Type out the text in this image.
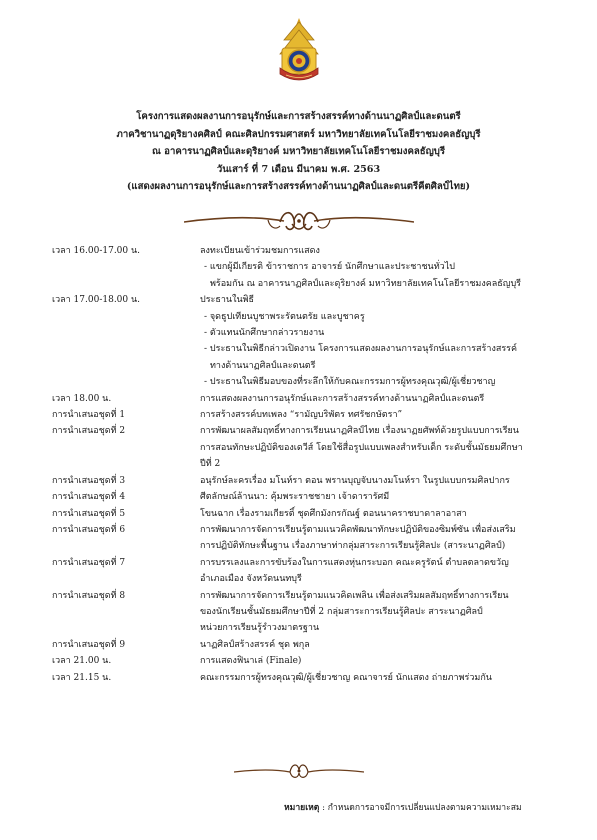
โครงการแสดงผลงานการอนุรักษ์และการสร้างสรรค์ทางด้านนาฏศิลป์และดนตรี
ภาควิชานาฏดุริยางคศิลป์ คณะศิลปกรรมศาสตร์ มหาวิทยาลัยเทคโนโลยีราชมงคลธัญบุรี
ณ อาคารนาฏศิลป์และดุริยางค์ มหาวิทยาลัยเทคโนโลยีราชมงคลธัญบุรี
วันเสาร์ ที่ 7 เดือน มีนาคม พ.ศ. 2563
(แสดงผลงานการอนุรักษ์และการสร้างสรรค์ทางด้านนาฏศิลป์และดนตรีคีตศิลป์ไทย)
เวลา 16.00-17.00 น.	ลงทะเบียนเข้าร่วมชมการแสดง
- แขกผู้มีเกียรติ ข้าราชการ อาจารย์ นักศึกษาและประชาชนทั่วไป
พร้อมกัน ณ อาคารนาฏศิลป์และดุริยางค์ มหาวิทยาลัยเทคโนโลยีราชมงคลธัญบุรี
เวลา 17.00-18.00 น.	ประธานในพิธี
- จุดธูปเทียนบูชาพระรัตนตรัย และบูชาครู
- ตัวแทนนักศึกษากล่าวรายงาน
- ประธานในพิธีกล่าวเปิดงาน โครงการแสดงผลงานการอนุรักษ์และการสร้างสรรค์
ทางด้านนาฏศิลป์และดนตรี
- ประธานในพิธีมอบของที่ระลึกให้กับคณะกรรมการผู้ทรงคุณวุฒิ/ผู้เชี่ยวชาญ
เวลา 18.00 น.	การแสดงผลงานการอนุรักษ์และการสร้างสรรค์ทางด้านนาฏศิลป์และดนตรี
การนำเสนอชุดที่ 1	การสร้างสรรค์บทเพลง “รามัญบริพัตร ทศรัชกษัตรา”
การนำเสนอชุดที่ 2	การพัฒนาผลสัมฤทธิ์ทางการเรียนนาฏศิลป์ไทย เรื่องนาฏยศัพท์ด้วยรูปแบบการเรียน
การสอนทักษะปฏิบัติของเดวีส์ โดยใช้สื่อรูปแบบเพลงสำหรับเด็ก ระดับชั้นมัธยมศึกษา
ปีที่ 2
การนำเสนอชุดที่ 3	อนุรักษ์ละครเรื่อง มโนห์รา ตอน พรานบุญจับนางมโนห์รา ในรูปแบบกรมศิลปากร
การนำเสนอชุดที่ 4	ศีตลักษณ์ล้านนา: คุ้มพระราชชายา เจ้าดารารัศมี
การนำเสนอชุดที่ 5	โขนฉาก เรื่องรามเกียรติ์ ชุดศึกมังกรกัณฐ์ ตอนนาคราชบาดาลาอาสา
การนำเสนอชุดที่ 6	การพัฒนาการจัดการเรียนรู้ตามแนวคิดพัฒนาทักษะปฏิบัติของซิมพ์ซัน เพื่อส่งเสริม
การปฏิบัติทักษะพื้นฐาน เรื่องภาษาท่ากลุ่มสาระการเรียนรู้ศิลปะ (สาระนาฏศิลป์)
การนำเสนอชุดที่ 7	การบรรเลงและการขับร้องในการแสดงหุ่นกระบอก คณะครูรัตน์ ตำบลตลาดขวัญ
อำเภอเมือง จังหวัดนนทบุรี
การนำเสนอชุดที่ 8	การพัฒนาการจัดการเรียนรู้ตามแนวคิดเพลิน เพื่อส่งเสริมผลสัมฤทธิ์ทางการเรียน
ของนักเรียนชั้นมัธยมศึกษาปีที่ 2 กลุ่มสาระการเรียนรู้ศิลปะ สาระนาฏศิลป์
หน่วยการเรียนรู้รำวงมาตรฐาน
การนำเสนอชุดที่ 9	นาฏศิลป์สร้างสรรค์ ชุด พกุล
เวลา 21.00 น.	การแสดงฟินาเล่ (Finale)
เวลา 21.15 น.	คณะกรรมการผู้ทรงคุณวุฒิ/ผู้เชี่ยวชาญ คณาจารย์ นักแสดง ถ่ายภาพร่วมกัน
หมายเหตุ : กำหนดการอาจมีการเปลี่ยนแปลงตามความเหมาะสม
